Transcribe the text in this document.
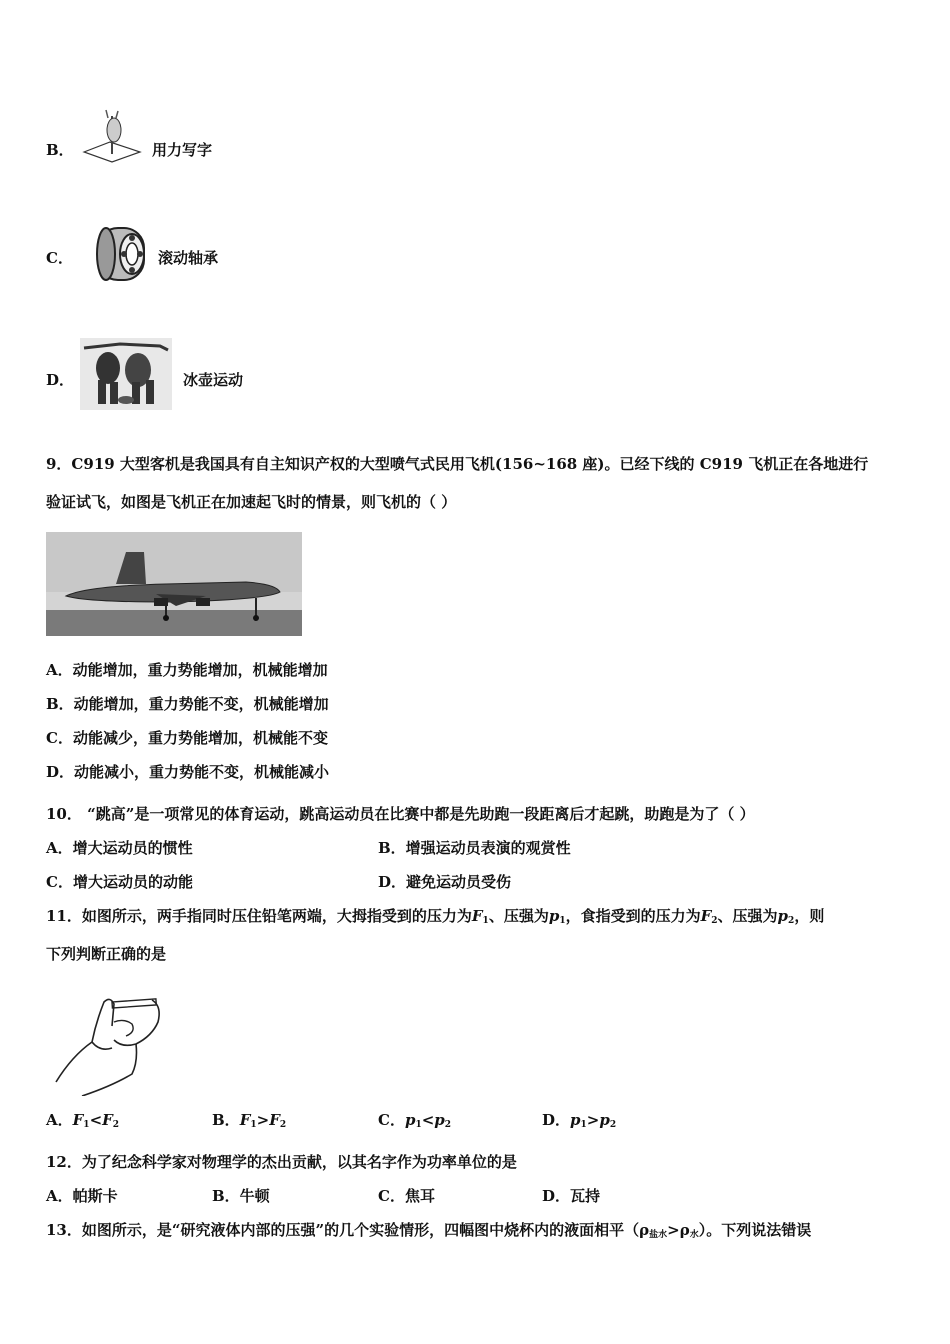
B．	用力写字
C．	滚动轴承
D．	冰壶运动
9．C919 大型客机是我国具有自主知识产权的大型喷气式民用飞机(156~168 座)。已经下线的 C919 飞机正在各地进行
验证试飞，如图是飞机正在加速起飞时的情景，则飞机的（ ）
A．动能增加，重力势能增加，机械能增加
B．动能增加，重力势能不变，机械能增加
C．动能减少，重力势能增加，机械能不变
D．动能减小，重力势能不变，机械能减小
10． “跳高”是一项常见的体育运动，跳高运动员在比赛中都是先助跑一段距离后才起跳，助跑是为了（ ）
A．增大运动员的惯性	B．增强运动员表演的观赏性
C．增大运动员的动能	D．避免运动员受伤
11．如图所示，两手指同时压住铅笔两端，大拇指受到的压力为$F_1$、压强为$p_1$，食指受到的压力为$F_2$、压强为$p_2$，则
下列判断正确的是
A．$F_1<F_2$	B．$F_1>F_2$	C．$p_1<p_2$	D．$p_1>p_2$
12．为了纪念科学家对物理学的杰出贡献，以其名字作为功率单位的是
A．帕斯卡	B．牛顿	C．焦耳	D．瓦持
13．如图所示，是“研究液体内部的压强”的几个实验情形，四幅图中烧杯内的液面相平$(\rho_{盐水}>\rho_水)$。下列说法错误
